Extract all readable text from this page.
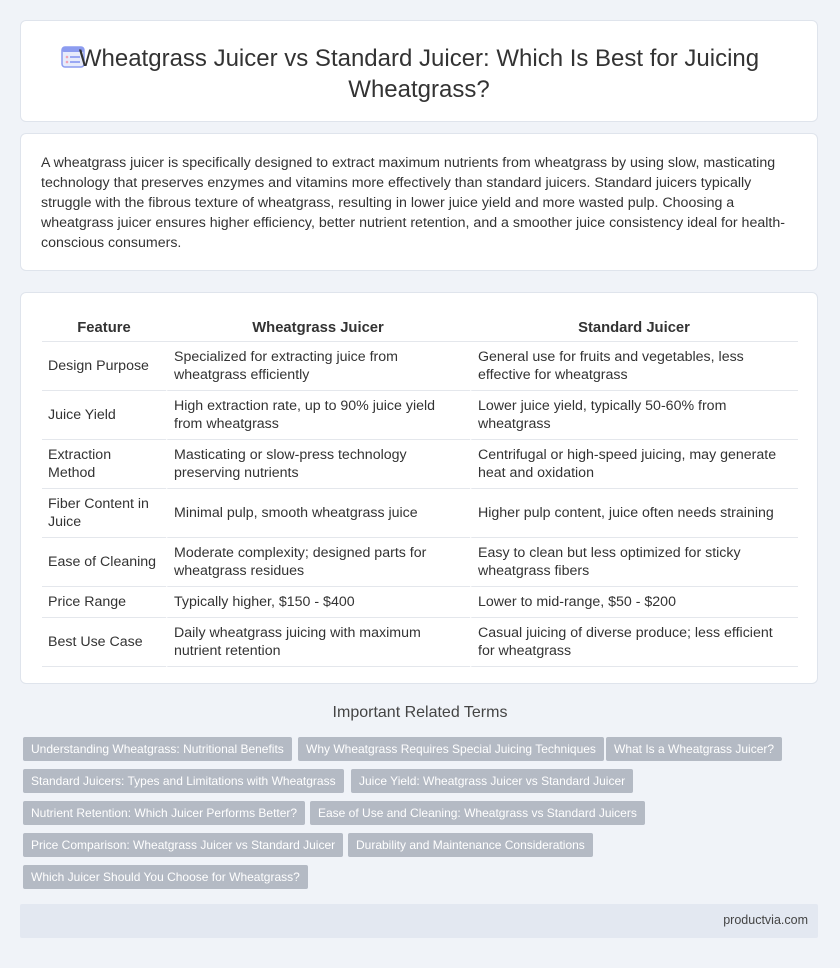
Wheatgrass Juicer vs Standard Juicer: Which Is Best for Juicing Wheatgrass?

A wheatgrass juicer is specifically designed to extract maximum nutrients from wheatgrass by using slow, masticating technology that preserves enzymes and vitamins more effectively than standard juicers. Standard juicers typically struggle with the fibrous texture of wheatgrass, resulting in lower juice yield and more wasted pulp. Choosing a wheatgrass juicer ensures higher efficiency, better nutrient retention, and a smoother juice consistency ideal for health-conscious consumers.

Feature	Wheatgrass Juicer	Standard Juicer
Design Purpose	Specialized for extracting juice from wheatgrass efficiently	General use for fruits and vegetables, less effective for wheatgrass
Juice Yield	High extraction rate, up to 90% juice yield from wheatgrass	Lower juice yield, typically 50-60% from wheatgrass
Extraction Method	Masticating or slow-press technology preserving nutrients	Centrifugal or high-speed juicing, may generate heat and oxidation
Fiber Content in Juice	Minimal pulp, smooth wheatgrass juice	Higher pulp content, juice often needs straining
Ease of Cleaning	Moderate complexity; designed parts for wheatgrass residues	Easy to clean but less optimized for sticky wheatgrass fibers
Price Range	Typically higher, $150 - $400	Lower to mid-range, $50 - $200
Best Use Case	Daily wheatgrass juicing with maximum nutrient retention	Casual juicing of diverse produce; less efficient for wheatgrass
Important Related Terms
Understanding Wheatgrass: Nutritional Benefits	Why Wheatgrass Requires Special Juicing Techniques	What Is a Wheatgrass Juicer?
Standard Juicers: Types and Limitations with Wheatgrass	Juice Yield: Wheatgrass Juicer vs Standard Juicer
Nutrient Retention: Which Juicer Performs Better?	Ease of Use and Cleaning: Wheatgrass vs Standard Juicers
Price Comparison: Wheatgrass Juicer vs Standard Juicer	Durability and Maintenance Considerations
Which Juicer Should You Choose for Wheatgrass?
productvia.com
